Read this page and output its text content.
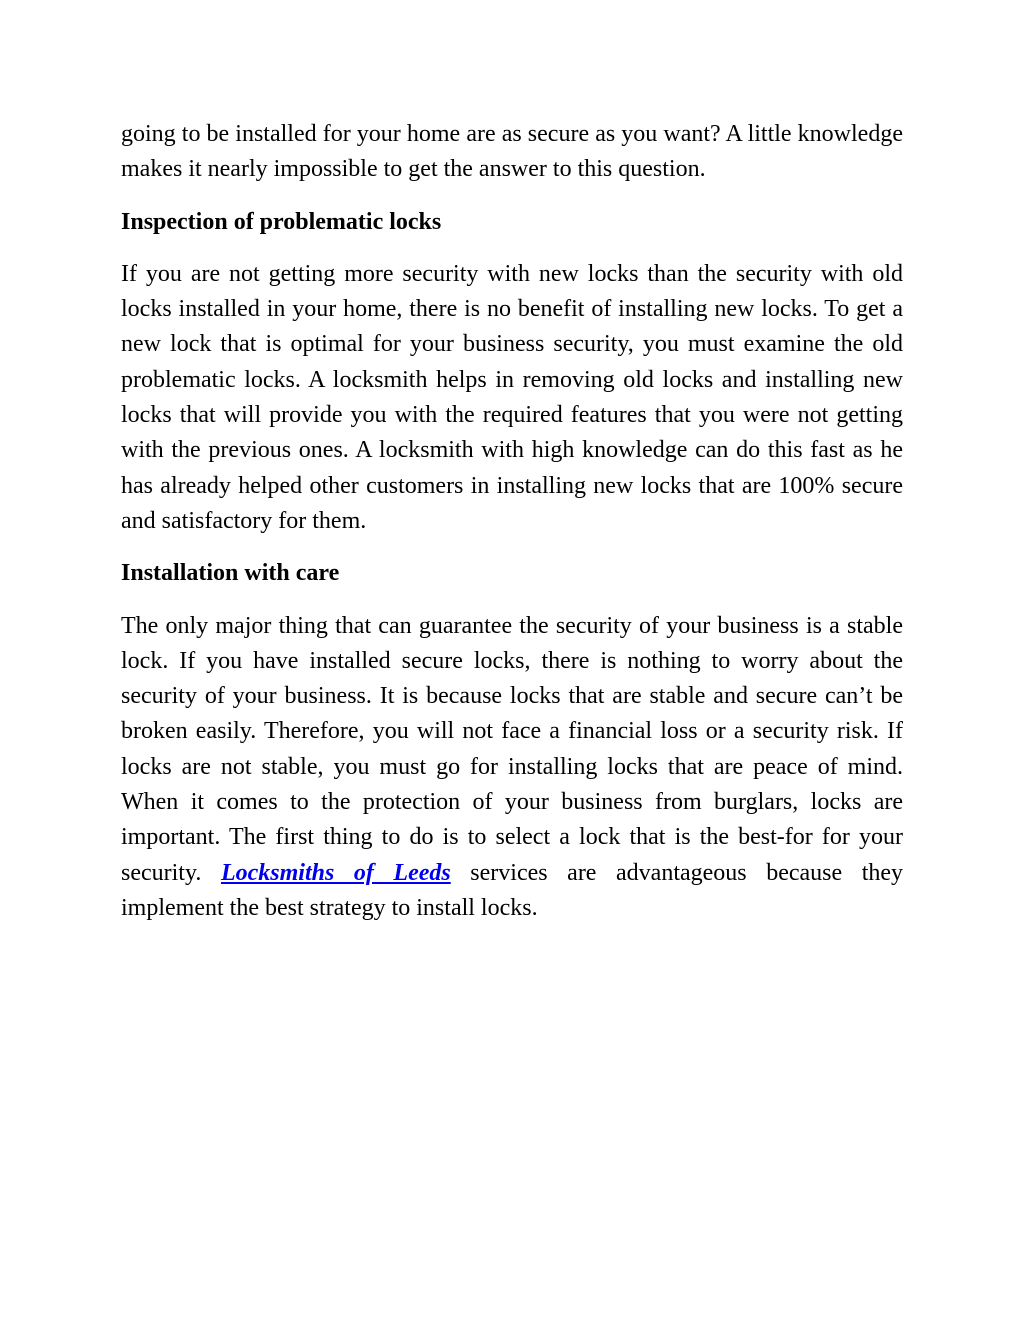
going to be installed for your home are as secure as you want? A little knowledge makes it nearly impossible to get the answer to this question.

Inspection of problematic locks

If you are not getting more security with new locks than the security with old locks installed in your home, there is no benefit of installing new locks. To get a new lock that is optimal for your business security, you must examine the old problematic locks. A locksmith helps in removing old locks and installing new locks that will provide you with the required features that you were not getting with the previous ones. A locksmith with high knowledge can do this fast as he has already helped other customers in installing new locks that are 100% secure and satisfactory for them.

Installation with care

The only major thing that can guarantee the security of your business is a stable lock. If you have installed secure locks, there is nothing to worry about the security of your business. It is because locks that are stable and secure can’t be broken easily. Therefore, you will not face a financial loss or a security risk. If locks are not stable, you must go for installing locks that are peace of mind. When it comes to the protection of your business from burglars, locks are important. The first thing to do is to select a lock that is the best-for for your security. Locksmiths of Leeds services are advantageous because they implement the best strategy to install locks.
